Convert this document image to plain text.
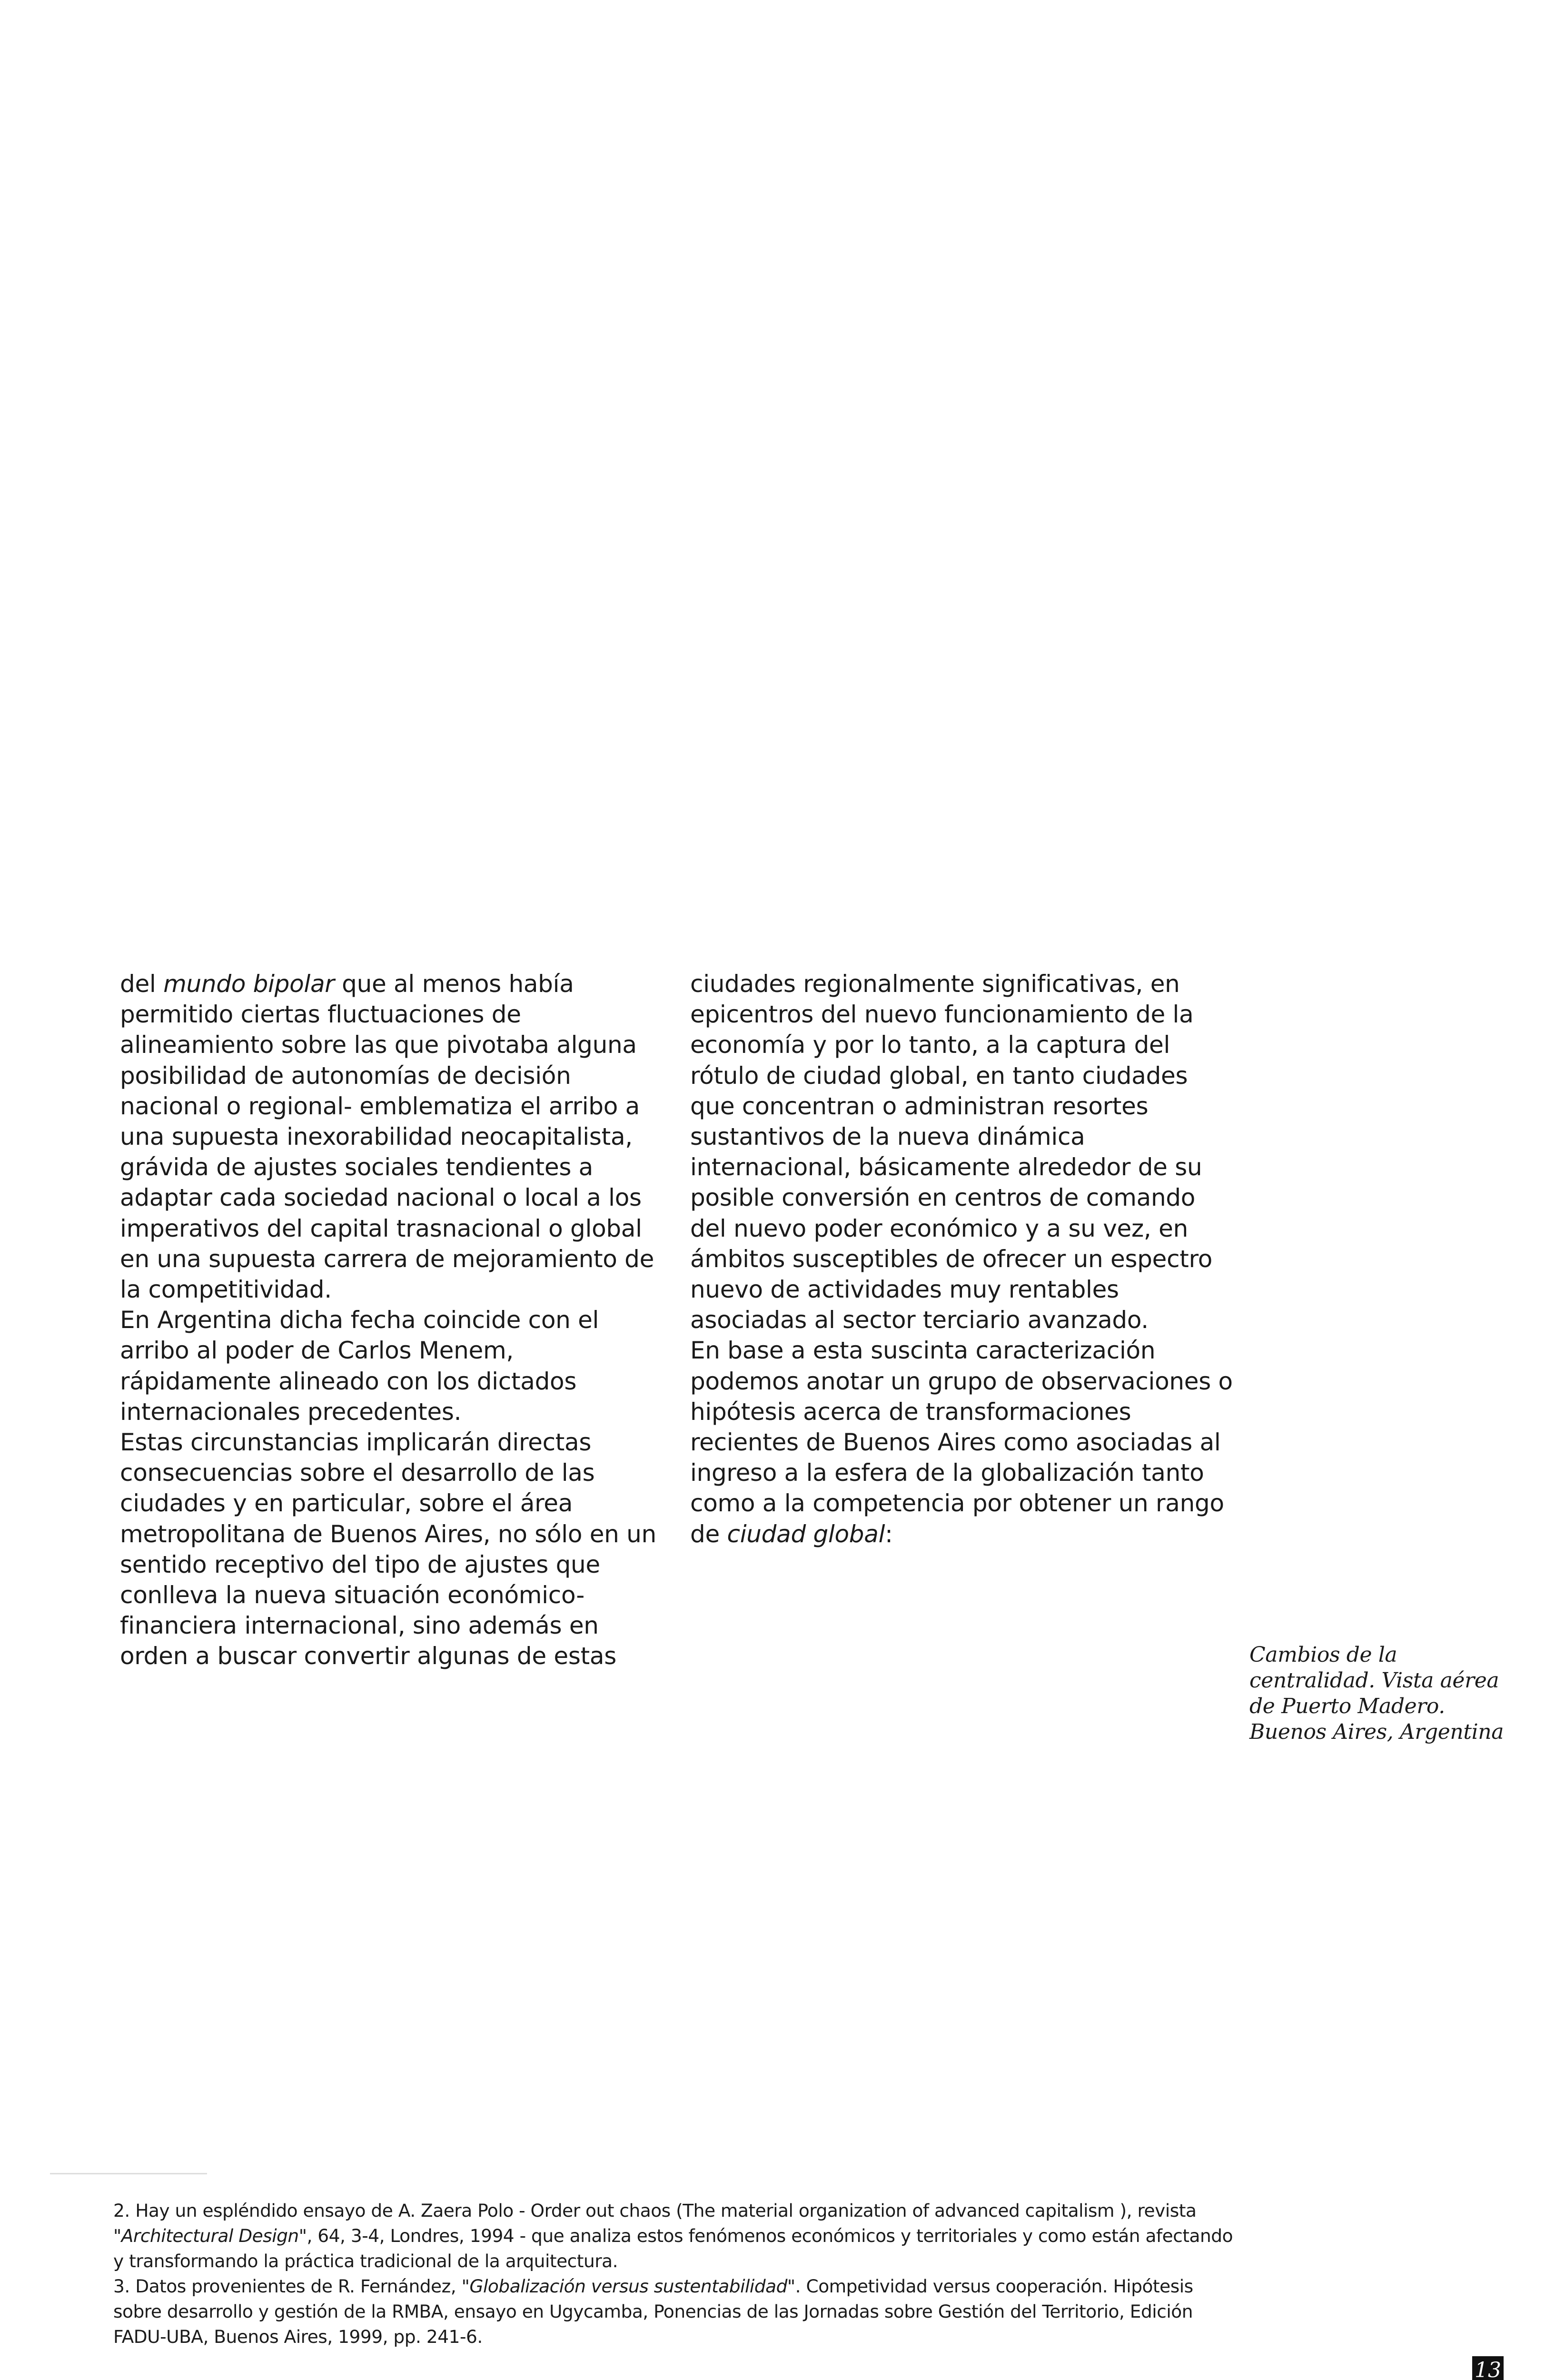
del mundo bipolar que al menos había permitido ciertas fluctuaciones de alineamiento sobre las que pivotaba alguna posibilidad de autonomías de decisión nacional o regional- emblematiza el arribo a una supuesta inexorabilidad neocapitalista, grávida de ajustes sociales tendientes a adaptar cada sociedad nacional o local a los imperativos del capital trasnacional o global en una supuesta carrera de mejoramiento de la competitividad.

En Argentina dicha fecha coincide con el arribo al poder de Carlos Menem, rápidamente alineado con los dictados internacionales precedentes.

Estas circunstancias implicarán directas consecuencias sobre el desarrollo de las ciudades y en particular, sobre el área metropolitana de Buenos Aires, no sólo en un sentido receptivo del tipo de ajustes que conlleva la nueva situación económico-financiera internacional, sino además en orden a buscar convertir algunas de estas

ciudades regionalmente significativas, en epicentros del nuevo funcionamiento de la economía y por lo tanto, a la captura del rótulo de ciudad global, en tanto ciudades que concentran o administran resortes sustantivos de la nueva dinámica internacional, básicamente alrededor de su posible conversión en centros de comando del nuevo poder económico y a su vez, en ámbitos susceptibles de ofrecer un espectro nuevo de actividades muy rentables asociadas al sector terciario avanzado.

En base a esta suscinta caracterización podemos anotar un grupo de observaciones o hipótesis acerca de transformaciones recientes de Buenos Aires como asociadas al ingreso a la esfera de la globalización tanto como a la competencia por obtener un rango de ciudad global:

Cambios de la
centralidad. Vista aérea
de Puerto Madero.
Buenos Aires, Argentina

2. Hay un espléndido ensayo de A. Zaera Polo - Order out chaos (The material organization of advanced capitalism ), revista "Architectural Design", 64, 3-4, Londres, 1994 - que analiza estos fenómenos económicos y territoriales y como están afectando y transformando la práctica tradicional de la arquitectura.

3. Datos provenientes de R. Fernández, "Globalización versus sustentabilidad". Competividad versus cooperación. Hipótesis sobre desarrollo y gestión de la RMBA, ensayo en Ugycamba, Ponencias de las Jornadas sobre Gestión del Territorio, Edición FADU-UBA, Buenos Aires, 1999, pp. 241-6.

13
